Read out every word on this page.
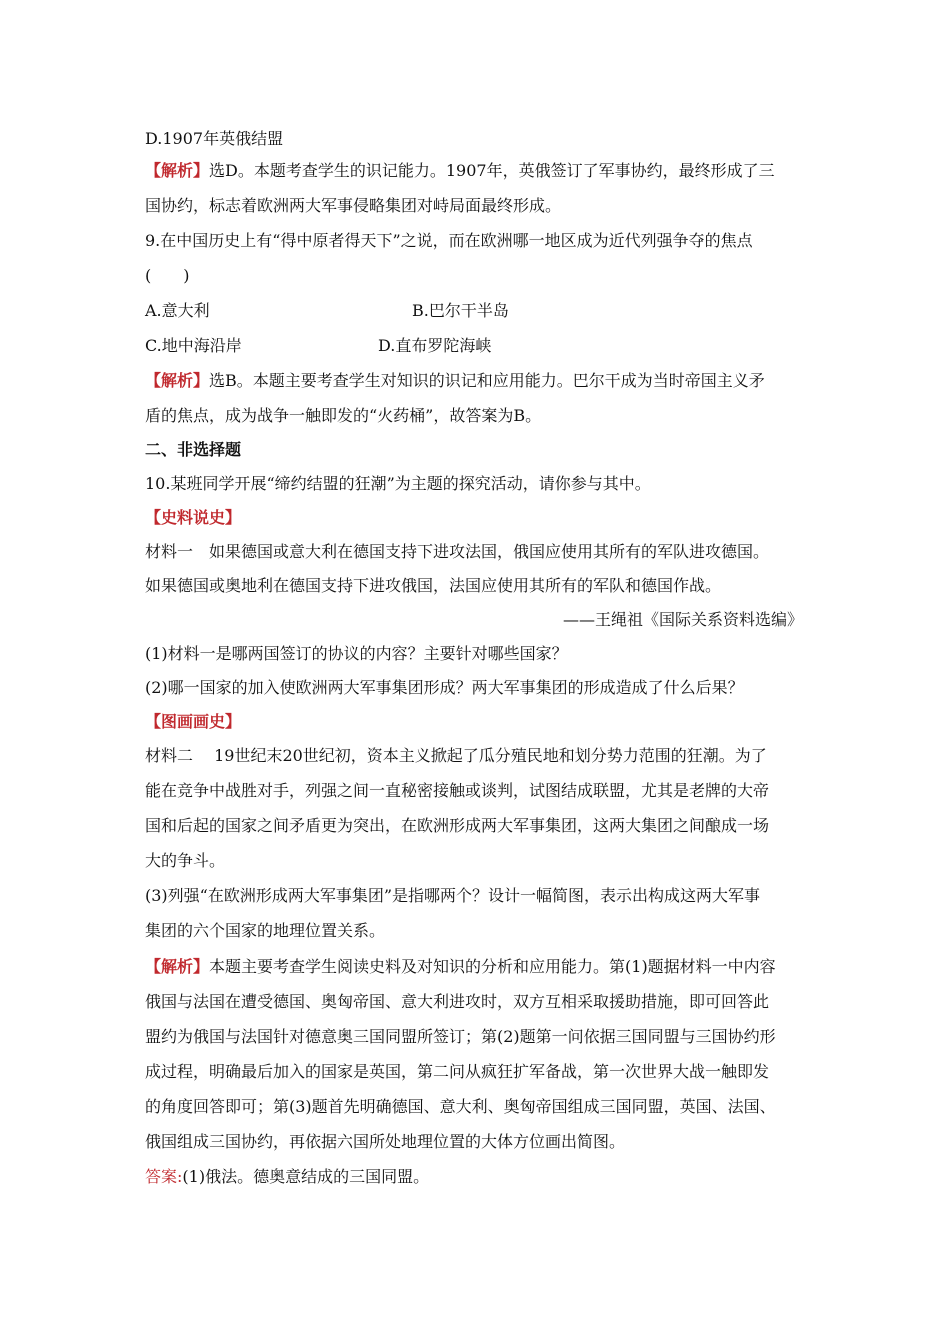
D.1907年英俄结盟
【解析】选D。本题考查学生的识记能力。1907年，英俄签订了军事协约，最终形成了三
国协约，标志着欧洲两大军事侵略集团对峙局面最终形成。
9.在中国历史上有“得中原者得天下”之说，而在欧洲哪一地区成为近代列强争夺的焦点
(　　)
A.意大利	B.巴尔干半岛
C.地中海沿岸	D.直布罗陀海峡
【解析】选B。本题主要考查学生对知识的识记和应用能力。巴尔干成为当时帝国主义矛
盾的焦点，成为战争一触即发的“火药桶”，故答案为B。
二、非选择题
10.某班同学开展“缔约结盟的狂潮”为主题的探究活动，请你参与其中。
【史料说史】
材料一　如果德国或意大利在德国支持下进攻法国，俄国应使用其所有的军队进攻德国。
如果德国或奥地利在德国支持下进攻俄国，法国应使用其所有的军队和德国作战。
——王绳祖《国际关系资料选编》
(1)材料一是哪两国签订的协议的内容？主要针对哪些国家？
(2)哪一国家的加入使欧洲两大军事集团形成？两大军事集团的形成造成了什么后果？
【图画画史】
材料二　 19世纪末20世纪初，资本主义掀起了瓜分殖民地和划分势力范围的狂潮。为了
能在竞争中战胜对手，列强之间一直秘密接触或谈判，试图结成联盟，尤其是老牌的大帝
国和后起的国家之间矛盾更为突出，在欧洲形成两大军事集团，这两大集团之间酿成一场
大的争斗。
(3)列强“在欧洲形成两大军事集团”是指哪两个？设计一幅简图，表示出构成这两大军事
集团的六个国家的地理位置关系。
【解析】本题主要考查学生阅读史料及对知识的分析和应用能力。第(1)题据材料一中内容
俄国与法国在遭受德国、奥匈帝国、意大利进攻时，双方互相采取援助措施，即可回答此
盟约为俄国与法国针对德意奥三国同盟所签订；第(2)题第一问依据三国同盟与三国协约形
成过程，明确最后加入的国家是英国，第二问从疯狂扩军备战，第一次世界大战一触即发
的角度回答即可；第(3)题首先明确德国、意大利、奥匈帝国组成三国同盟，英国、法国、
俄国组成三国协约，再依据六国所处地理位置的大体方位画出简图。
答案:(1)俄法。德奥意结成的三国同盟。
